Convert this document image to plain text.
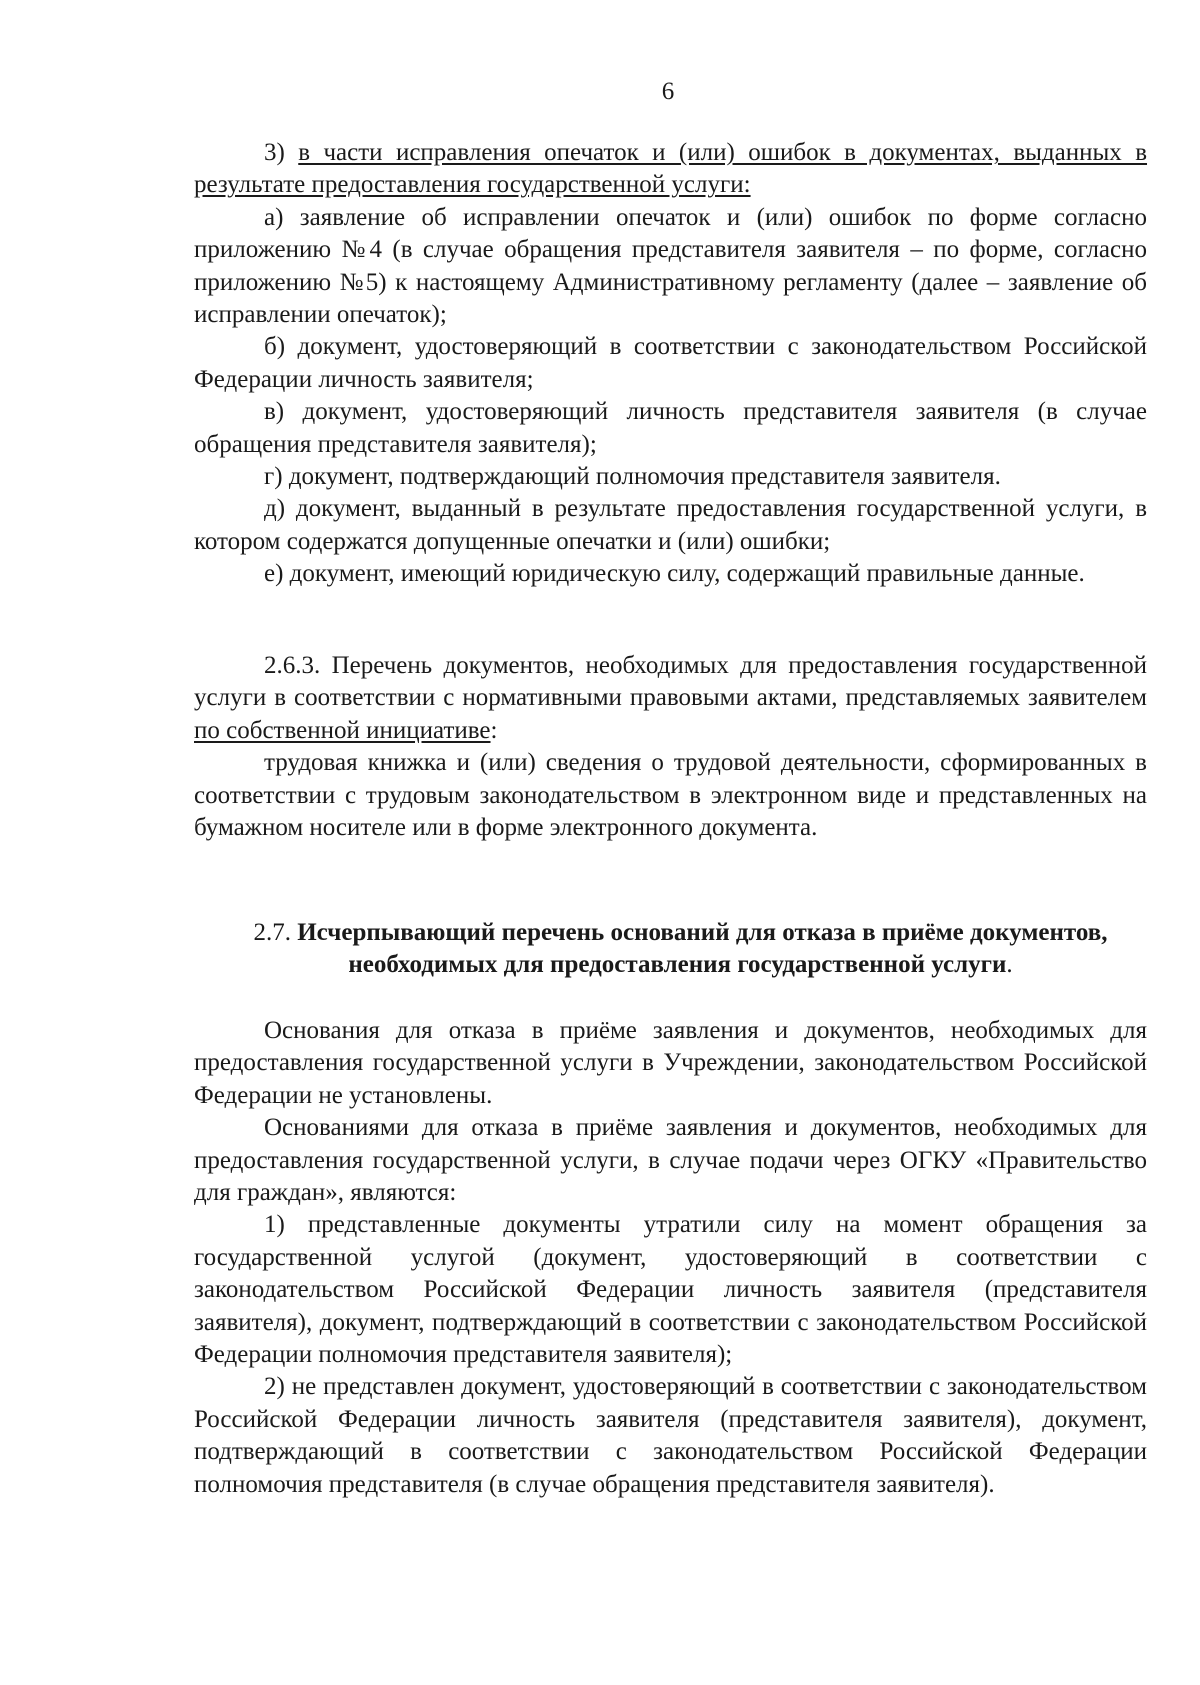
6

3) в части исправления опечаток и (или) ошибок в документах, выданных в результате предоставления государственной услуги:

а) заявление об исправлении опечаток и (или) ошибок по форме согласно приложению №4 (в случае обращения представителя заявителя – по форме, согласно приложению №5) к настоящему Административному регламенту (далее – заявление об исправлении опечаток);

б) документ, удостоверяющий в соответствии с законодательством Российской Федерации личность заявителя;

в) документ, удостоверяющий личность представителя заявителя (в случае обращения представителя заявителя);

г) документ, подтверждающий полномочия представителя заявителя.

д) документ, выданный в результате предоставления государственной услуги, в котором содержатся допущенные опечатки и (или) ошибки;

е) документ, имеющий юридическую силу, содержащий правильные данные.

2.6.3. Перечень документов, необходимых для предоставления государственной услуги в соответствии с нормативными правовыми актами, представляемых заявителем по собственной инициативе:

трудовая книжка и (или) сведения о трудовой деятельности, сформированных в соответствии с трудовым законодательством в электронном виде и представленных на бумажном носителе или в форме электронного документа.

2.7. Исчерпывающий перечень оснований для отказа в приёме документов, необходимых для предоставления государственной услуги.

Основания для отказа в приёме заявления и документов, необходимых для предоставления государственной услуги в Учреждении, законодательством Российской Федерации не установлены.

Основаниями для отказа в приёме заявления и документов, необходимых для предоставления государственной услуги, в случае подачи через ОГКУ «Правительство для граждан», являются:

1) представленные документы утратили силу на момент обращения за государственной услугой (документ, удостоверяющий в соответствии с законодательством Российской Федерации личность заявителя (представителя заявителя), документ, подтверждающий в соответствии с законодательством Российской Федерации полномочия представителя заявителя);

2) не представлен документ, удостоверяющий в соответствии с законодательством Российской Федерации личность заявителя (представителя заявителя), документ, подтверждающий в соответствии с законодательством Российской Федерации полномочия представителя (в случае обращения представителя заявителя).
